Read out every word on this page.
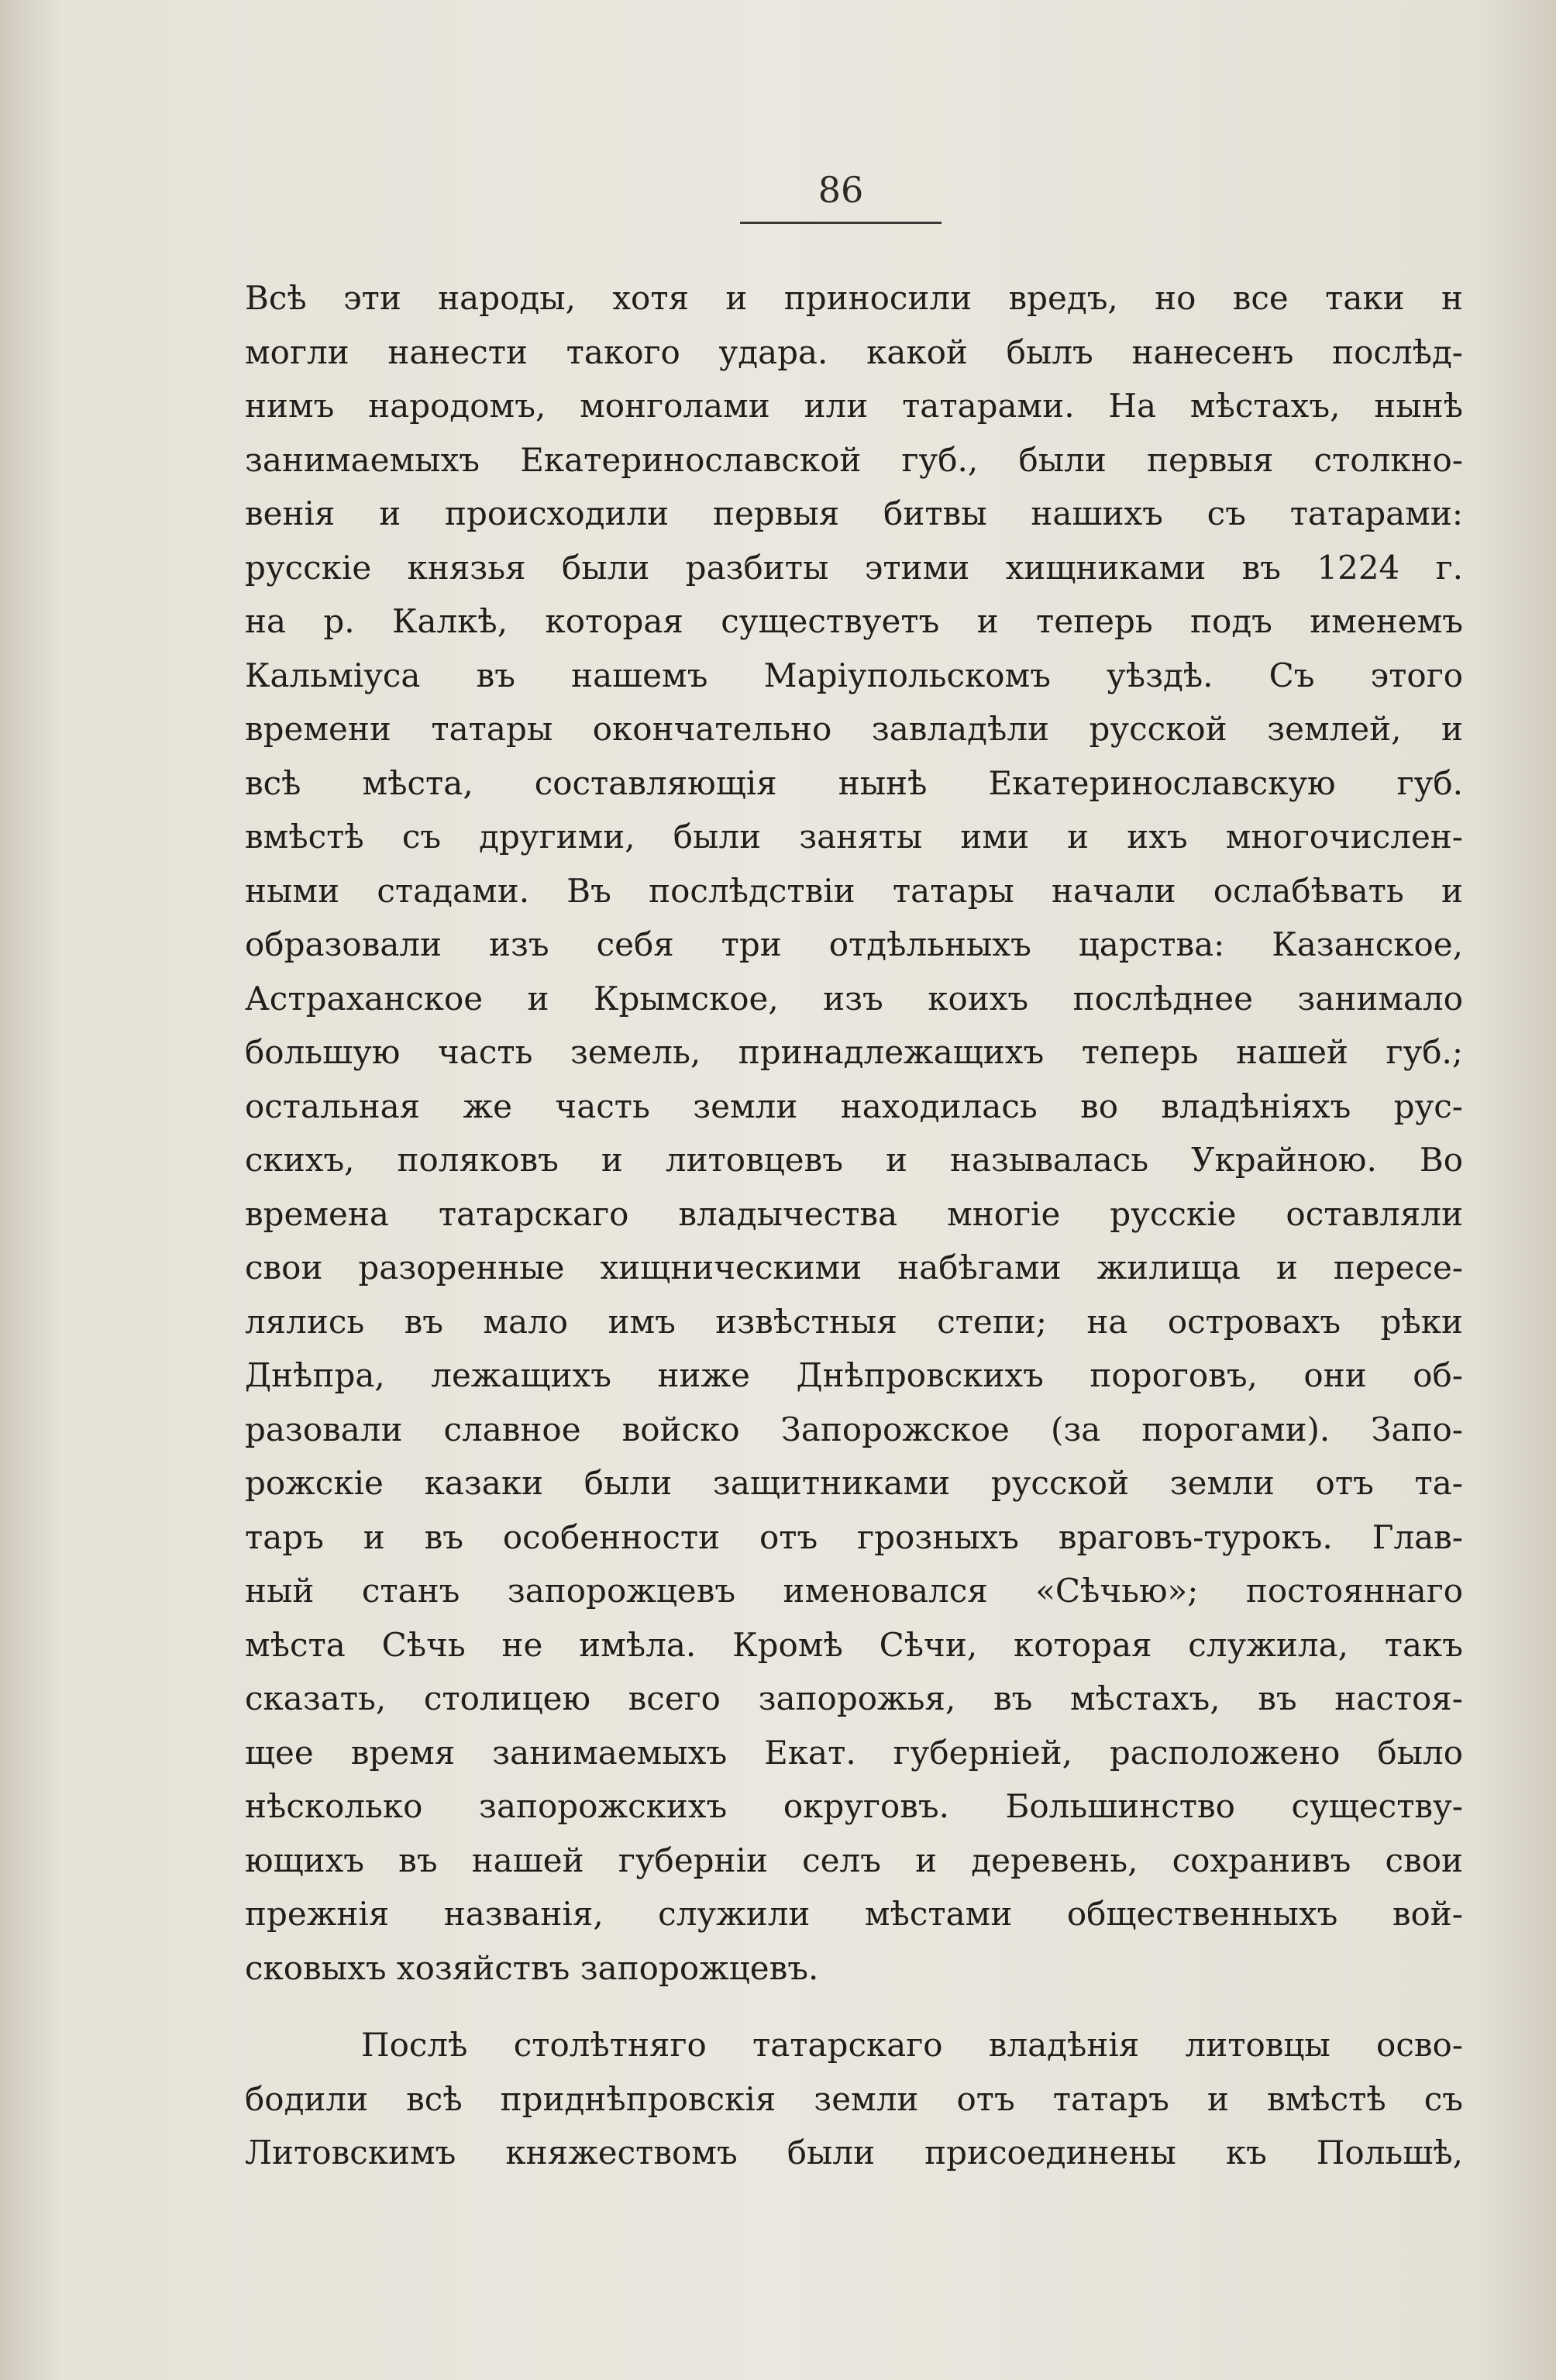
86
Всѣ эти народы, хотя и приносили вредъ, но все таки н
могли нанести такого удара. какой былъ нанесенъ послѣд-
нимъ народомъ, монголами или татарами. На мѣстахъ, нынѣ
занимаемыхъ Екатеринославской губ., были первыя столкно-
венія и происходили первыя битвы нашихъ съ татарами:
русскіе князья были разбиты этими хищниками въ 1224 г.
на р. Калкѣ, которая существуетъ и теперь подъ именемъ
Кальміуса въ нашемъ Маріупольскомъ уѣздѣ. Съ этого
времени татары окончательно завладѣли русской землей, и
всѣ мѣста, составляющія нынѣ Екатеринославскую губ.
вмѣстѣ съ другими, были заняты ими и ихъ многочислен-
ными стадами. Въ послѣдствіи татары начали ослабѣвать и
образовали изъ себя три отдѣльныхъ царства: Казанское,
Астраханское и Крымское, изъ коихъ послѣднее занимало
большую часть земель, принадлежащихъ теперь нашей губ.;
остальная же часть земли находилась во владѣніяхъ рус-
скихъ, поляковъ и литовцевъ и называлась Украйною. Во
времена татарскаго владычества многіе русскіе оставляли
свои разоренные хищническими набѣгами жилища и пересе-
лялись въ мало имъ извѣстныя степи; на островахъ рѣки
Днѣпра, лежащихъ ниже Днѣпровскихъ пороговъ, они об-
разовали славное войско Запорожское (за порогами). Запо-
рожскіе казаки были защитниками русской земли отъ та-
таръ и въ особенности отъ грозныхъ враговъ-турокъ. Глав-
ный станъ запорожцевъ именовался «Сѣчью»; постояннаго
мѣста Сѣчь не имѣла. Кромѣ Сѣчи, которая служила, такъ
сказать, столицею всего запорожья, въ мѣстахъ, въ настоя-
щее время занимаемыхъ Екат. губерніей, расположено было
нѣсколько запорожскихъ округовъ. Большинство существу-
ющихъ въ нашей губерніи селъ и деревень, сохранивъ свои
прежнія названія, служили мѣстами общественныхъ вой-
сковыхъ хозяйствъ запорожцевъ.
Послѣ столѣтняго татарскаго владѣнія литовцы осво-
бодили всѣ приднѣпровскія земли отъ татаръ и вмѣстѣ съ
Литовскимъ княжествомъ были присоединены къ Польшѣ,
